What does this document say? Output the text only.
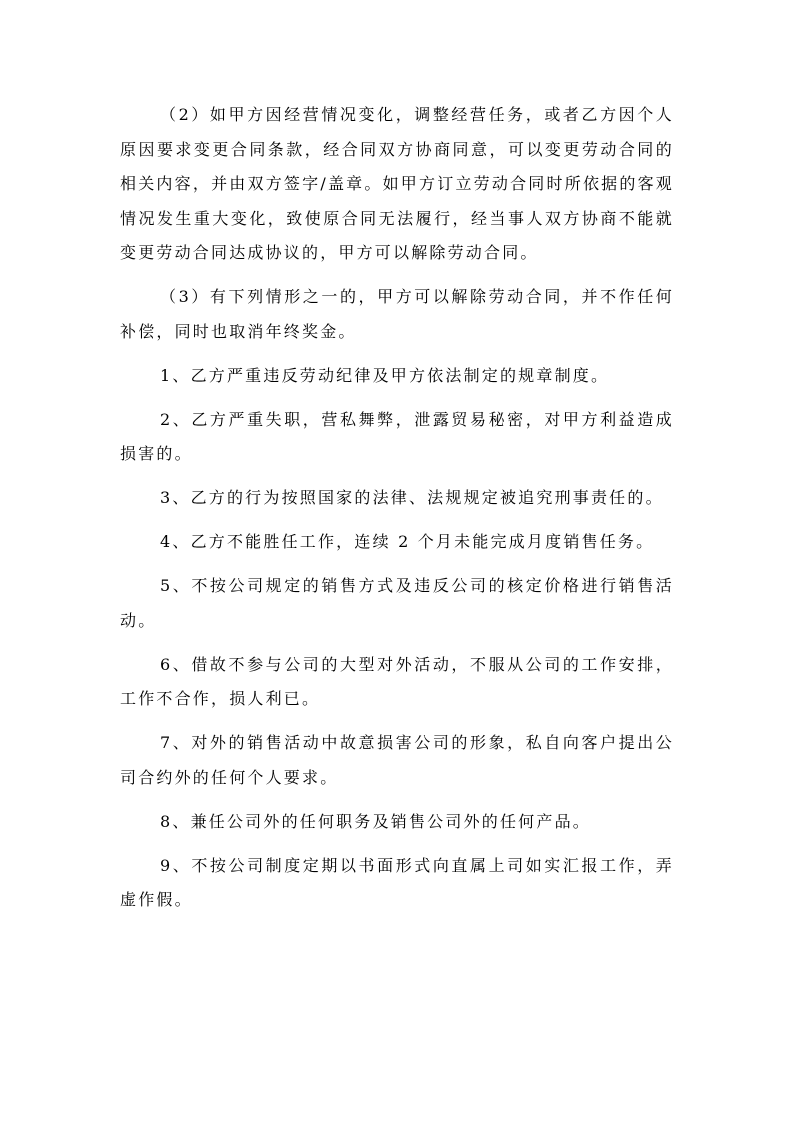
（2）如甲方因经营情况变化，调整经营任务，或者乙方因个人原因要求变更合同条款，经合同双方协商同意，可以变更劳动合同的相关内容，并由双方签字/盖章。如甲方订立劳动合同时所依据的客观情况发生重大变化，致使原合同无法履行，经当事人双方协商不能就变更劳动合同达成协议的，甲方可以解除劳动合同。

（3）有下列情形之一的，甲方可以解除劳动合同，并不作任何补偿，同时也取消年终奖金。

1、乙方严重违反劳动纪律及甲方依法制定的规章制度。

2、乙方严重失职，营私舞弊，泄露贸易秘密，对甲方利益造成损害的。

3、乙方的行为按照国家的法律、法规规定被追究刑事责任的。

4、乙方不能胜任工作，连续 2 个月未能完成月度销售任务。

5、不按公司规定的销售方式及违反公司的核定价格进行销售活动。

6、借故不参与公司的大型对外活动，不服从公司的工作安排，工作不合作，损人利已。

7、对外的销售活动中故意损害公司的形象，私自向客户提出公司合约外的任何个人要求。

8、兼任公司外的任何职务及销售公司外的任何产品。

9、不按公司制度定期以书面形式向直属上司如实汇报工作，弄虚作假。
